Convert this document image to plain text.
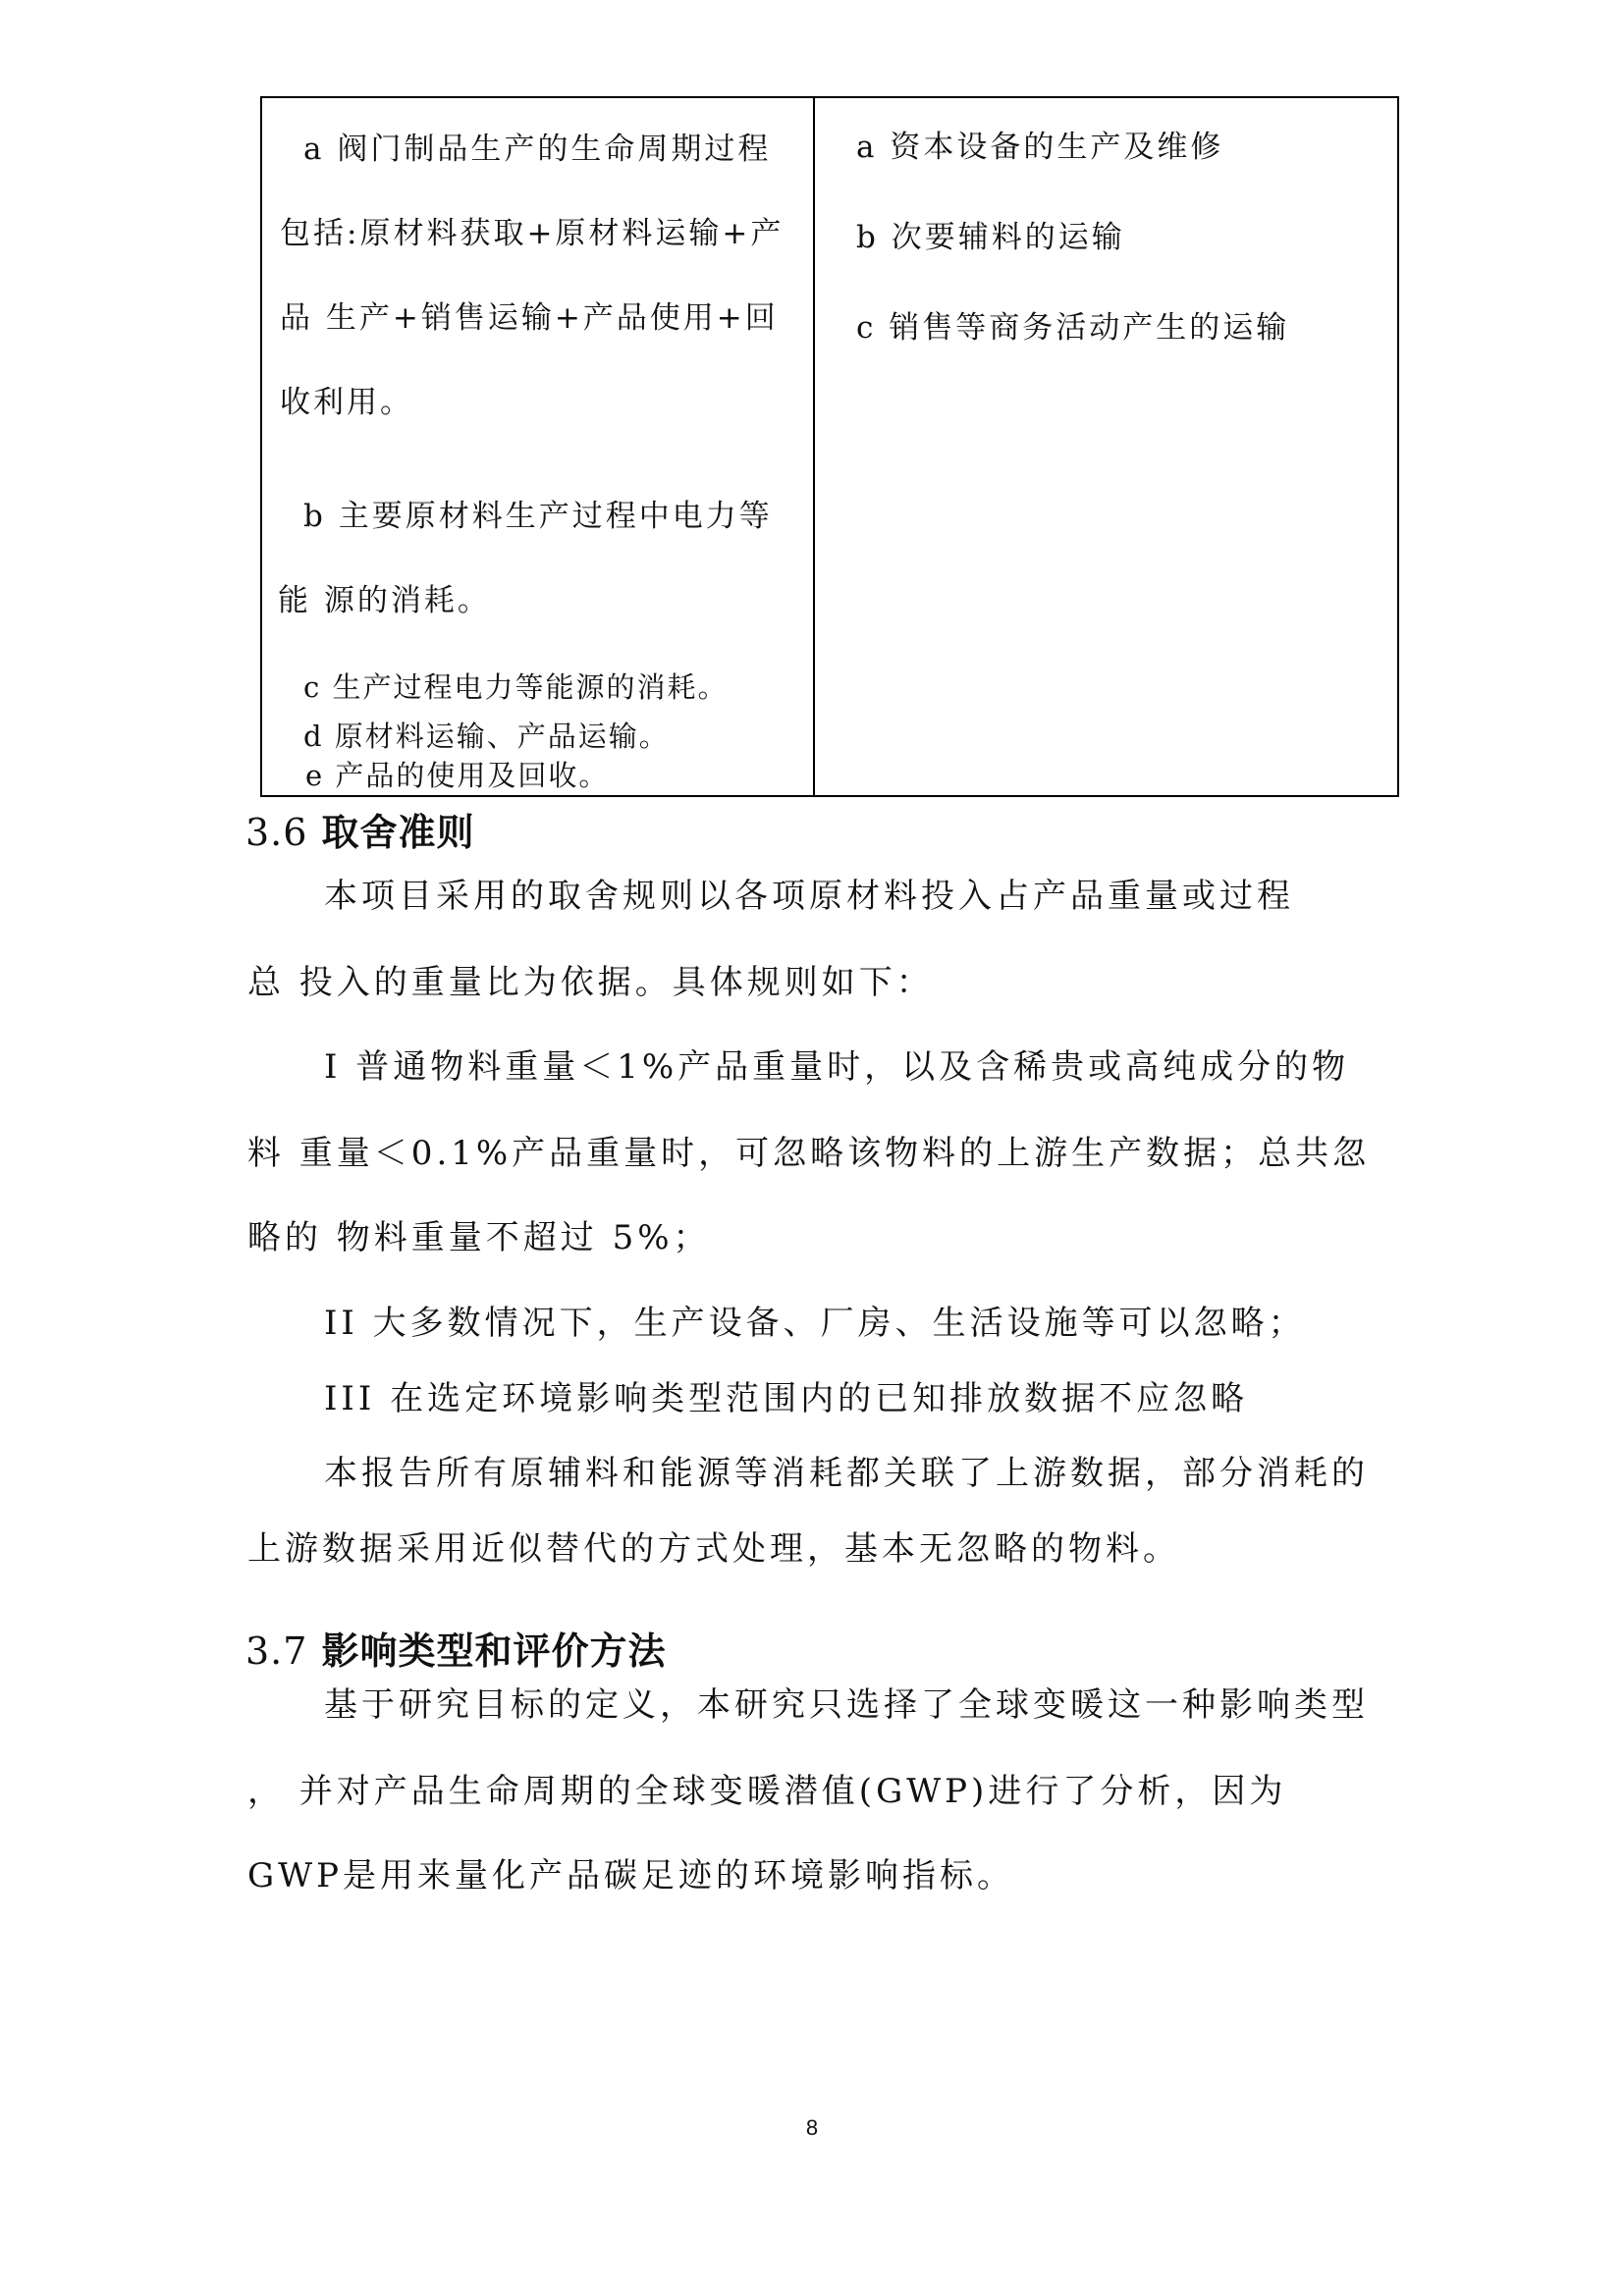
a 阀门制品生产的生命周期过程
包括:原材料获取+原材料运输+产
品 生产+销售运输+产品使用+回
收利用。
b 主要原材料生产过程中电力等
能 源的消耗。
c 生产过程电力等能源的消耗。
d 原材料运输、产品运输。
e 产品的使用及回收。
a 资本设备的生产及维修
b 次要辅料的运输
c 销售等商务活动产生的运输
3.6 取舍准则
本项目采用的取舍规则以各项原材料投入占产品重量或过程
总 投入的重量比为依据。具体规则如下：
I 普通物料重量＜1%产品重量时，以及含稀贵或高纯成分的物
料 重量＜0.1%产品重量时，可忽略该物料的上游生产数据；总共忽
略的 物料重量不超过 5%；
II 大多数情况下，生产设备、厂房、生活设施等可以忽略；
III 在选定环境影响类型范围内的已知排放数据不应忽略
本报告所有原辅料和能源等消耗都关联了上游数据，部分消耗的
上游数据采用近似替代的方式处理，基本无忽略的物料。
3.7 影响类型和评价方法
基于研究目标的定义，本研究只选择了全球变暖这一种影响类型
， 并对产品生命周期的全球变暖潜值(GWP)进行了分析，因为
GWP是用来量化产品碳足迹的环境影响指标。
8
